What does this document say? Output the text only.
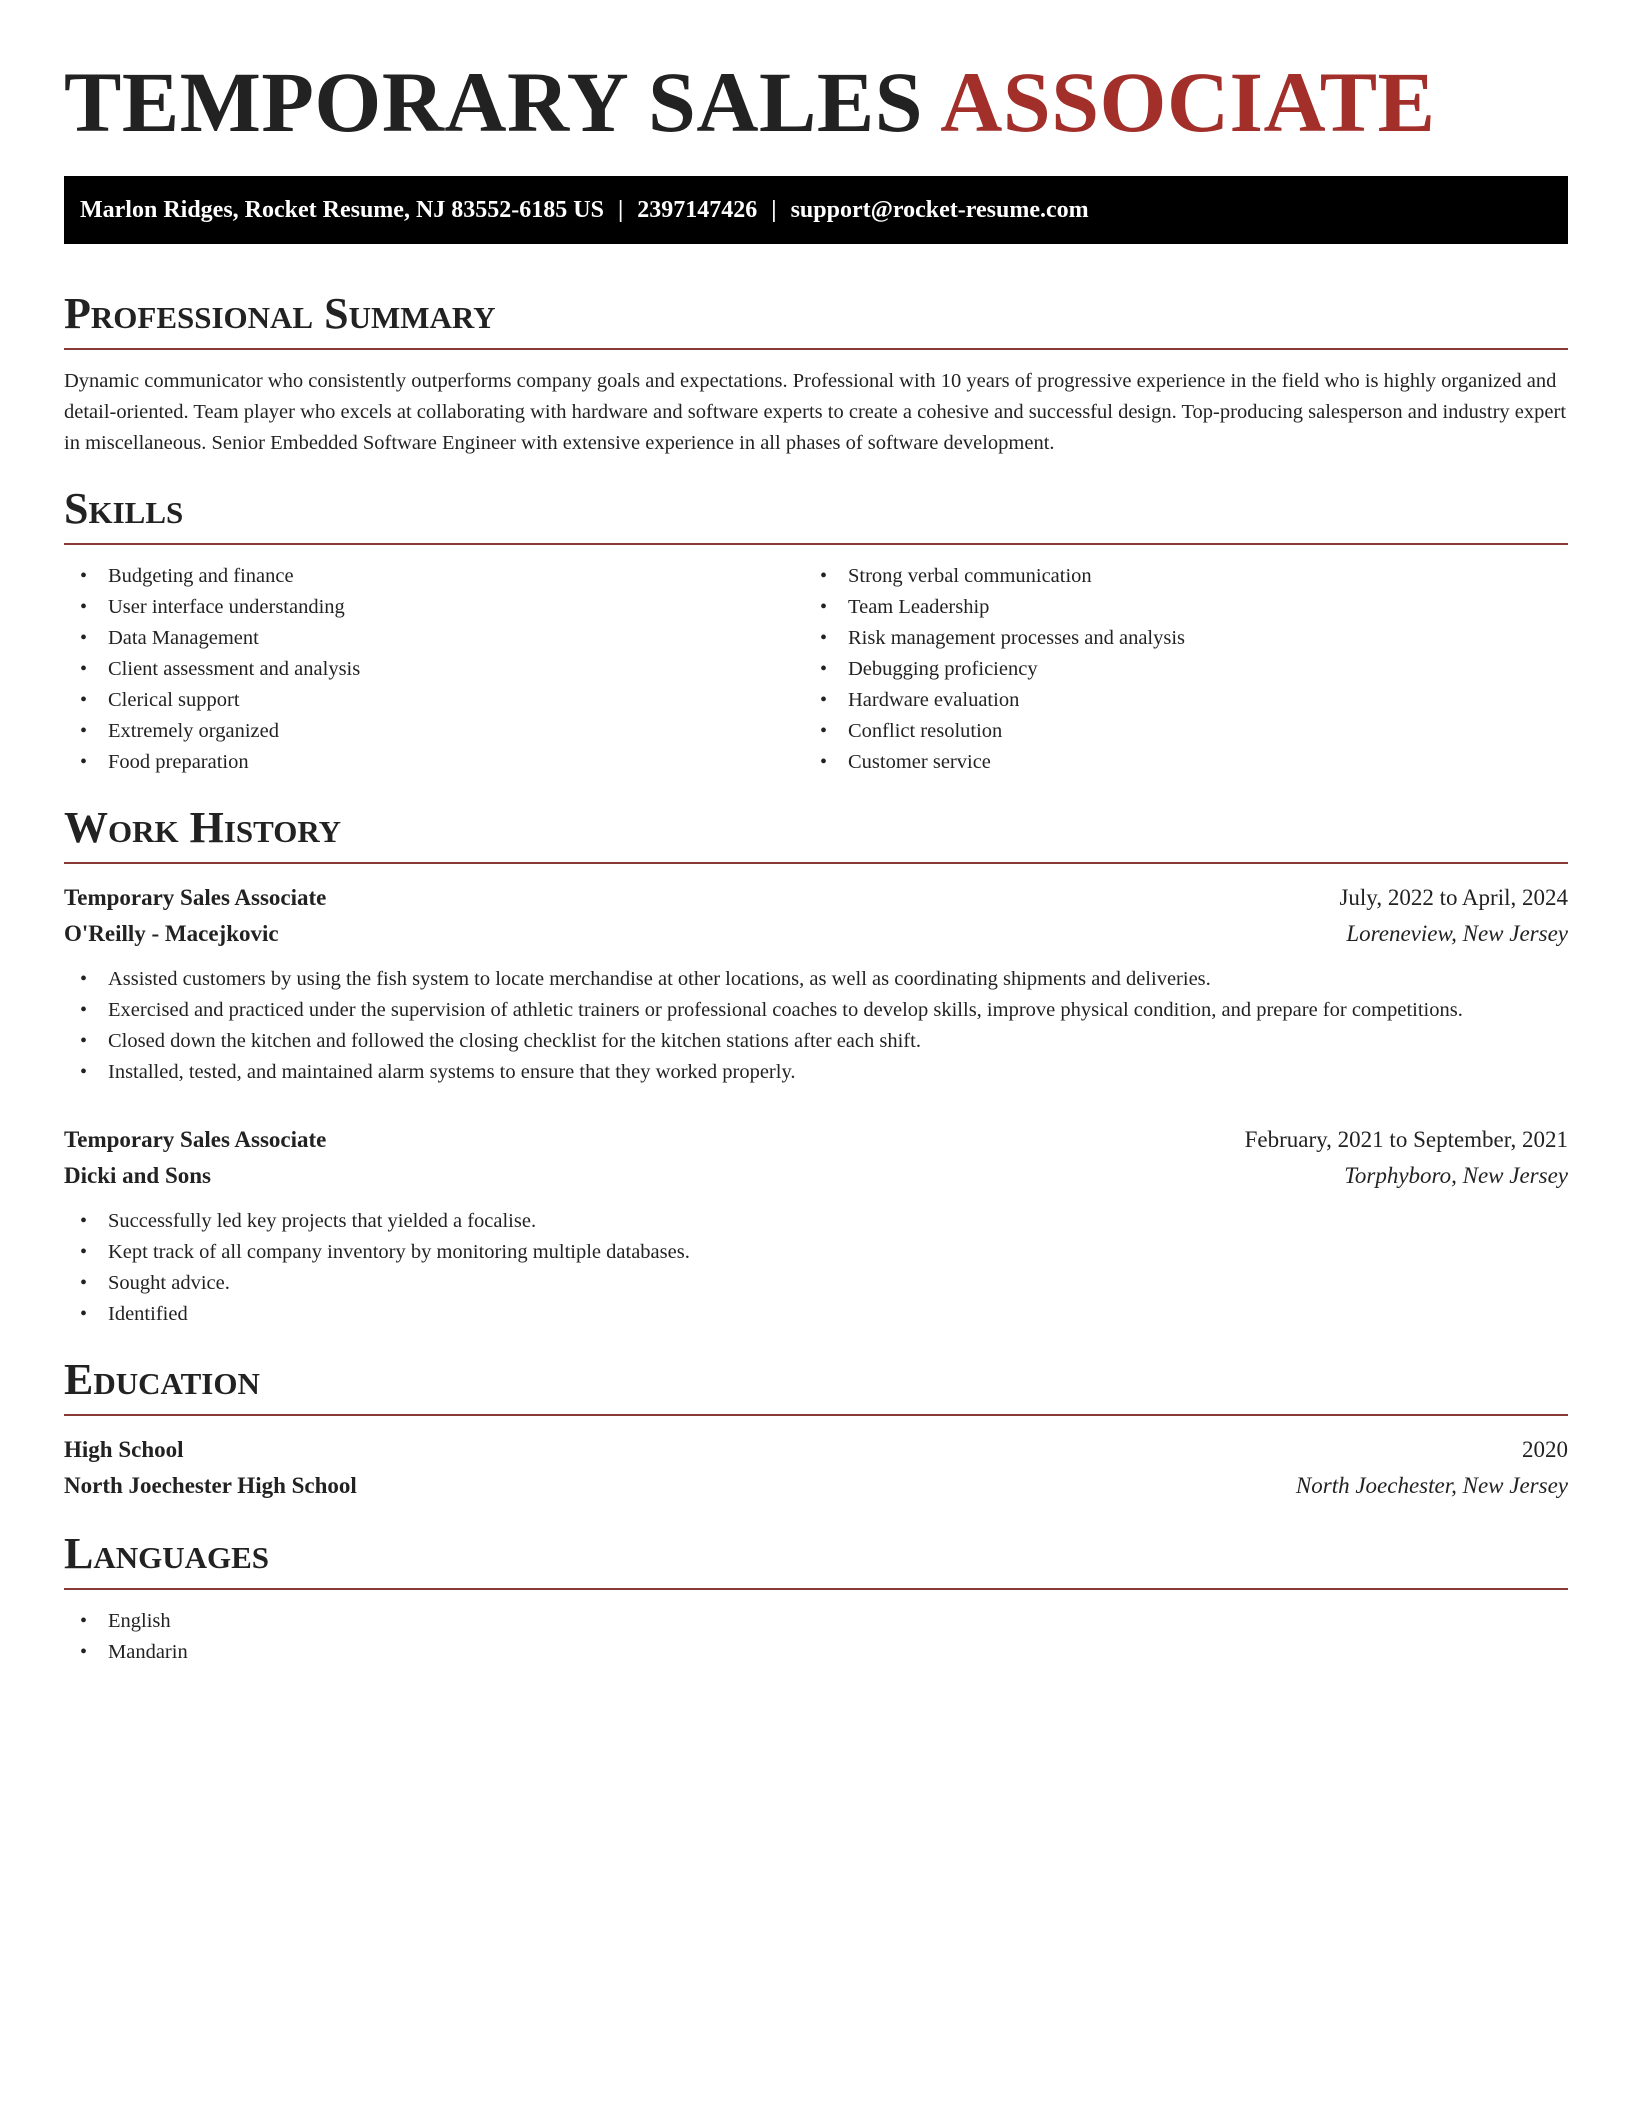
TEMPORARY SALES ASSOCIATE
Marlon Ridges, Rocket Resume, NJ 83552-6185 US | 2397147426 | support@rocket-resume.com
Professional Summary

Dynamic communicator who consistently outperforms company goals and expectations. Professional with 10 years of progressive experience in the field who is highly organized and detail-oriented. Team player who excels at collaborating with hardware and software experts to create a cohesive and successful design. Top-producing salesperson and industry expert in miscellaneous. Senior Embedded Software Engineer with extensive experience in all phases of software development.

Skills
• Budgeting and finance
• User interface understanding
• Data Management
• Client assessment and analysis
• Clerical support
• Extremely organized
• Food preparation
• Strong verbal communication
• Team Leadership
• Risk management processes and analysis
• Debugging proficiency
• Hardware evaluation
• Conflict resolution
• Customer service
Work History
Temporary Sales Associate	July, 2022 to April, 2024
O'Reilly - Macejkovic	Loreneview, New Jersey
• Assisted customers by using the fish system to locate merchandise at other locations, as well as coordinating shipments and deliveries.
• Exercised and practiced under the supervision of athletic trainers or professional coaches to develop skills, improve physical condition, and prepare for competitions.
• Closed down the kitchen and followed the closing checklist for the kitchen stations after each shift.
• Installed, tested, and maintained alarm systems to ensure that they worked properly.
Temporary Sales Associate	February, 2021 to September, 2021
Dicki and Sons	Torphyboro, New Jersey
• Successfully led key projects that yielded a focalise.
• Kept track of all company inventory by monitoring multiple databases.
• Sought advice.
• Identified
Education
High School	2020
North Joechester High School	North Joechester, New Jersey
Languages
• English
• Mandarin
